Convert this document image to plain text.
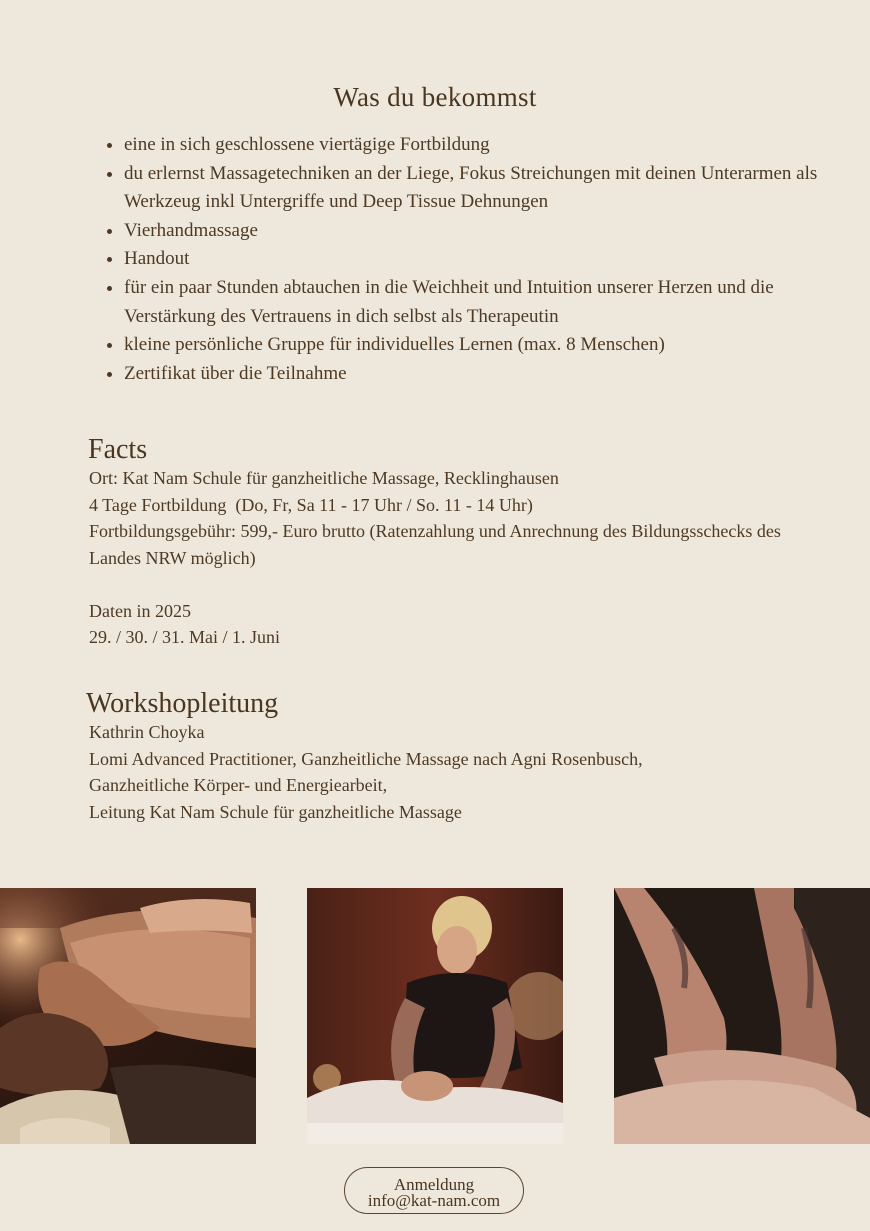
Was du bekommst
• eine in sich geschlossene viertägige Fortbildung
• du erlernst Massagetechniken an der Liege, Fokus Streichungen mit deinen Unterarmen als Werkzeug inkl Untergriffe und Deep Tissue Dehnungen
• Vierhandmassage
• Handout
• für ein paar Stunden abtauchen in die Weichheit und Intuition unserer Herzen und die Verstärkung des Vertrauens in dich selbst als Therapeutin
• kleine persönliche Gruppe für individuelles Lernen (max. 8 Menschen)
• Zertifikat über die Teilnahme
Facts
Ort: Kat Nam Schule für ganzheitliche Massage, Recklinghausen
4 Tage Fortbildung  (Do, Fr, Sa 11 - 17 Uhr / So. 11 - 14 Uhr)
Fortbildungsgebühr: 599,- Euro brutto (Ratenzahlung und Anrechnung des Bildungsschecks des Landes NRW möglich)
Daten in 2025
29. / 30. / 31. Mai / 1. Juni
Workshopleitung
Kathrin Choyka
Lomi Advanced Practitioner, Ganzheitliche Massage nach Agni Rosenbusch,
Ganzheitliche Körper- und Energiearbeit,
Leitung Kat Nam Schule für ganzheitliche Massage
Anmeldung
info@kat-nam.com
